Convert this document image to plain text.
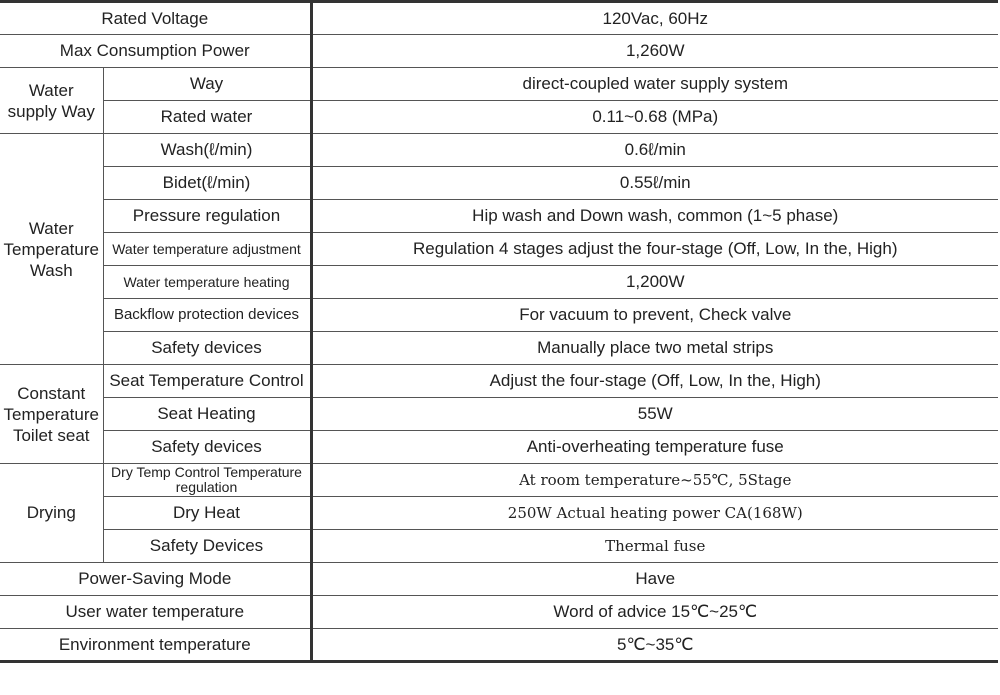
Rated Voltage		120Vac, 60Hz
Max Consumption Power		1,260W
Water supply Way	Way	direct-coupled water supply system
	Rated water	0.11~0.68 (MPa)
Water Temperature Wash	Wash(ℓ/min)	0.6ℓ/min
	Bidet(ℓ/min)	0.55ℓ/min
	Pressure regulation	Hip wash and Down wash, common (1~5 phase)
	Water temperature adjustment	Regulation 4 stages adjust the four-stage (Off, Low, In the, High)
	Water temperature heating	1,200W
	Backflow protection devices	For vacuum to prevent, Check valve
	Safety devices	Manually place two metal strips
Constant Temperature Toilet seat	Seat Temperature Control	Adjust the four-stage (Off, Low, In the, High)
	Seat Heating	55W
	Safety devices	Anti-overheating temperature fuse
Drying	Dry Temp Control Temperature regulation	At room temperature~55℃, 5Stage
	Dry Heat	250W Actual heating power CA(168W)
	Safety Devices	Thermal fuse
Power-Saving Mode		Have
User water temperature		Word of advice 15℃~25℃
Environment temperature		5℃~35℃
